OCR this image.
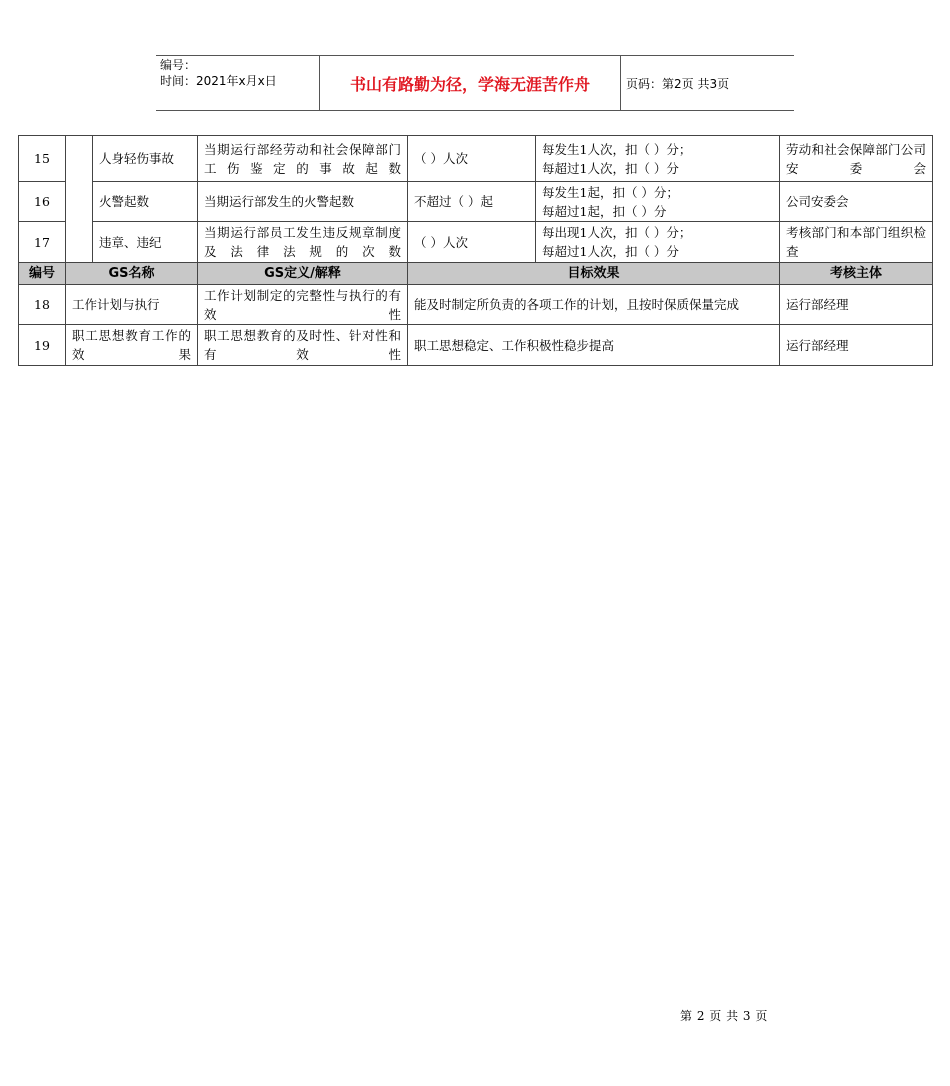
编号：
时间：2021年x月x日	书山有路勤为径，学海无涯苦作舟	页码：第2页 共3页
15		人身轻伤事故	当期运行部经劳动和社会保障部门工伤鉴定的事故起数	（ ）人次	每发生1人次，扣（ ）分；
每超过1人次，扣（ ）分	劳动和社会保障部门公司安委会
16		火警起数	当期运行部发生的火警起数	不超过（ ）起	每发生1起，扣（ ）分；
每超过1起，扣（ ）分	公司安委会
17		违章、违纪	当期运行部员工发生违反规章制度及法律法规的次数	（ ）人次	每出现1人次，扣（ ）分；
每超过1人次，扣（ ）分	考核部门和本部门组织检查
编号	GS名称		GS定义/解释	目标效果		考核主体
18	工作计划与执行		工作计划制定的完整性与执行的有效性	能及时制定所负责的各项工作的计划，且按时保质保量完成		运行部经理
19	职工思想教育工作的效果		职工思想教育的及时性、针对性和有效性	职工思想稳定、工作积极性稳步提高		运行部经理
第 2 页 共 3 页
